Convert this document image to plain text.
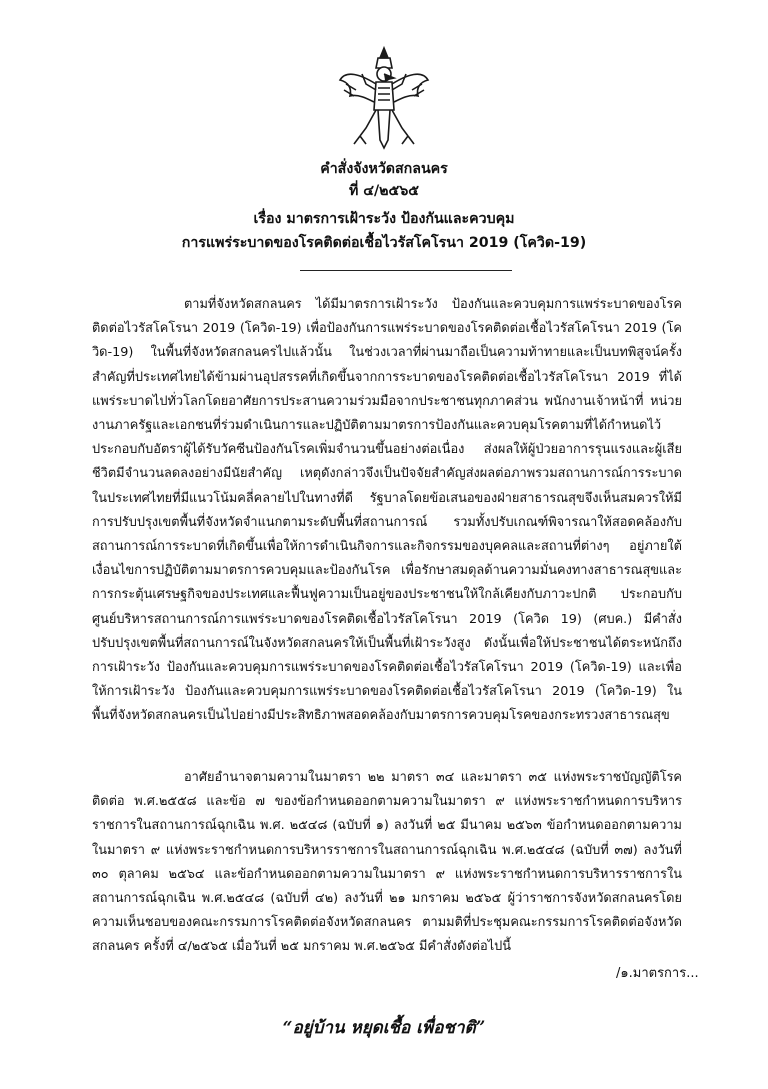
คำสั่งจังหวัดสกลนคร
ที่ ๔/๒๕๖๕
เรื่อง มาตรการเฝ้าระวัง ป้องกันและควบคุม
การแพร่ระบาดของโรคติดต่อเชื้อไวรัสโคโรนา 2019 (โควิด-19)
ตามที่จังหวัดสกลนคร ได้มีมาตรการเฝ้าระวัง ป้องกันและควบคุมการแพร่ระบาดของโรคติดต่อไวรัสโคโรนา 2019 (โควิด-19) เพื่อป้องกันการแพร่ระบาดของโรคติดต่อเชื้อไวรัสโคโรนา 2019 (โควิด-19) ในพื้นที่จังหวัดสกลนครไปแล้วนั้น ในช่วงเวลาที่ผ่านมาถือเป็นความท้าทายและเป็นบทพิสูจน์ครั้งสำคัญที่ประเทศไทยได้ข้ามผ่านอุปสรรคที่เกิดขึ้นจากการระบาดของโรคติดต่อเชื้อไวรัสโคโรนา 2019 ที่ได้แพร่ระบาดไปทั่วโลกโดยอาศัยการประสานความร่วมมือจากประชาชนทุกภาคส่วน พนักงานเจ้าหน้าที่ หน่วยงานภาครัฐและเอกชนที่ร่วมดำเนินการและปฏิบัติตามมาตรการป้องกันและควบคุมโรคตามที่ได้กำหนดไว้ ประกอบกับอัตราผู้ได้รับวัคซีนป้องกันโรคเพิ่มจำนวนขึ้นอย่างต่อเนื่อง ส่งผลให้ผู้ป่วยอาการรุนแรงและผู้เสียชีวิตมีจำนวนลดลงอย่างมีนัยสำคัญ เหตุดังกล่าวจึงเป็นปัจจัยสำคัญส่งผลต่อภาพรวมสถานการณ์การระบาดในประเทศไทยที่มีแนวโน้มคลี่คลายไปในทางที่ดี รัฐบาลโดยข้อเสนอของฝ่ายสาธารณสุขจึงเห็นสมควรให้มีการปรับปรุงเขตพื้นที่จังหวัดจำแนกตามระดับพื้นที่สถานการณ์ รวมทั้งปรับเกณฑ์พิจารณาให้สอดคล้องกับสถานการณ์การระบาดที่เกิดขึ้นเพื่อให้การดำเนินกิจการและกิจกรรมของบุคคลและสถานที่ต่างๆ อยู่ภายใต้เงื่อนไขการปฏิบัติตามมาตรการควบคุมและป้องกันโรค เพื่อรักษาสมดุลด้านความมั่นคงทางสาธารณสุขและการกระตุ้นเศรษฐกิจของประเทศและฟื้นฟูความเป็นอยู่ของประชาชนให้ใกล้เคียงกับภาวะปกติ ประกอบกับศูนย์บริหารสถานการณ์การแพร่ระบาดของโรคติดเชื้อไวรัสโคโรนา 2019 (โควิด 19) (ศบค.) มีคำสั่งปรับปรุงเขตพื้นที่สถานการณ์ในจังหวัดสกลนครให้เป็นพื้นที่เฝ้าระวังสูง ดังนั้นเพื่อให้ประชาชนได้ตระหนักถึงการเฝ้าระวัง ป้องกันและควบคุมการแพร่ระบาดของโรคติดต่อเชื้อไวรัสโคโรนา 2019 (โควิด-19) และเพื่อให้การเฝ้าระวัง ป้องกันและควบคุมการแพร่ระบาดของโรคติดต่อเชื้อไวรัสโคโรนา 2019 (โควิด-19) ในพื้นที่จังหวัดสกลนครเป็นไปอย่างมีประสิทธิภาพสอดคล้องกับมาตรการควบคุมโรคของกระทรวงสาธารณสุข
อาศัยอำนาจตามความในมาตรา ๒๒ มาตรา ๓๔ และมาตรา ๓๕ แห่งพระราชบัญญัติโรคติดต่อ พ.ศ.๒๕๕๘ และข้อ ๗ ของข้อกำหนดออกตามความในมาตรา ๙ แห่งพระราชกำหนดการบริหารราชการในสถานการณ์ฉุกเฉิน พ.ศ. ๒๕๔๘ (ฉบับที่ ๑) ลงวันที่ ๒๕ มีนาคม ๒๕๖๓ ข้อกำหนดออกตามความในมาตรา ๙ แห่งพระราชกำหนดการบริหารราชการในสถานการณ์ฉุกเฉิน พ.ศ.๒๕๔๘ (ฉบับที่ ๓๗) ลงวันที่ ๓๐ ตุลาคม ๒๕๖๔ และข้อกำหนดออกตามความในมาตรา ๙ แห่งพระราชกำหนดการบริหารราชการในสถานการณ์ฉุกเฉิน พ.ศ.๒๕๔๘ (ฉบับที่ ๔๒) ลงวันที่ ๒๑ มกราคม ๒๕๖๕ ผู้ว่าราชการจังหวัดสกลนครโดยความเห็นชอบของคณะกรรมการโรคติดต่อจังหวัดสกลนคร ตามมติที่ประชุมคณะกรรมการโรคติดต่อจังหวัดสกลนคร ครั้งที่ ๔/๒๕๖๕ เมื่อวันที่ ๒๕ มกราคม พ.ศ.๒๕๖๕ มีคำสั่งดังต่อไปนี้
/๑.มาตรการ...
“อยู่บ้าน หยุดเชื้อ เพื่อชาติ”
